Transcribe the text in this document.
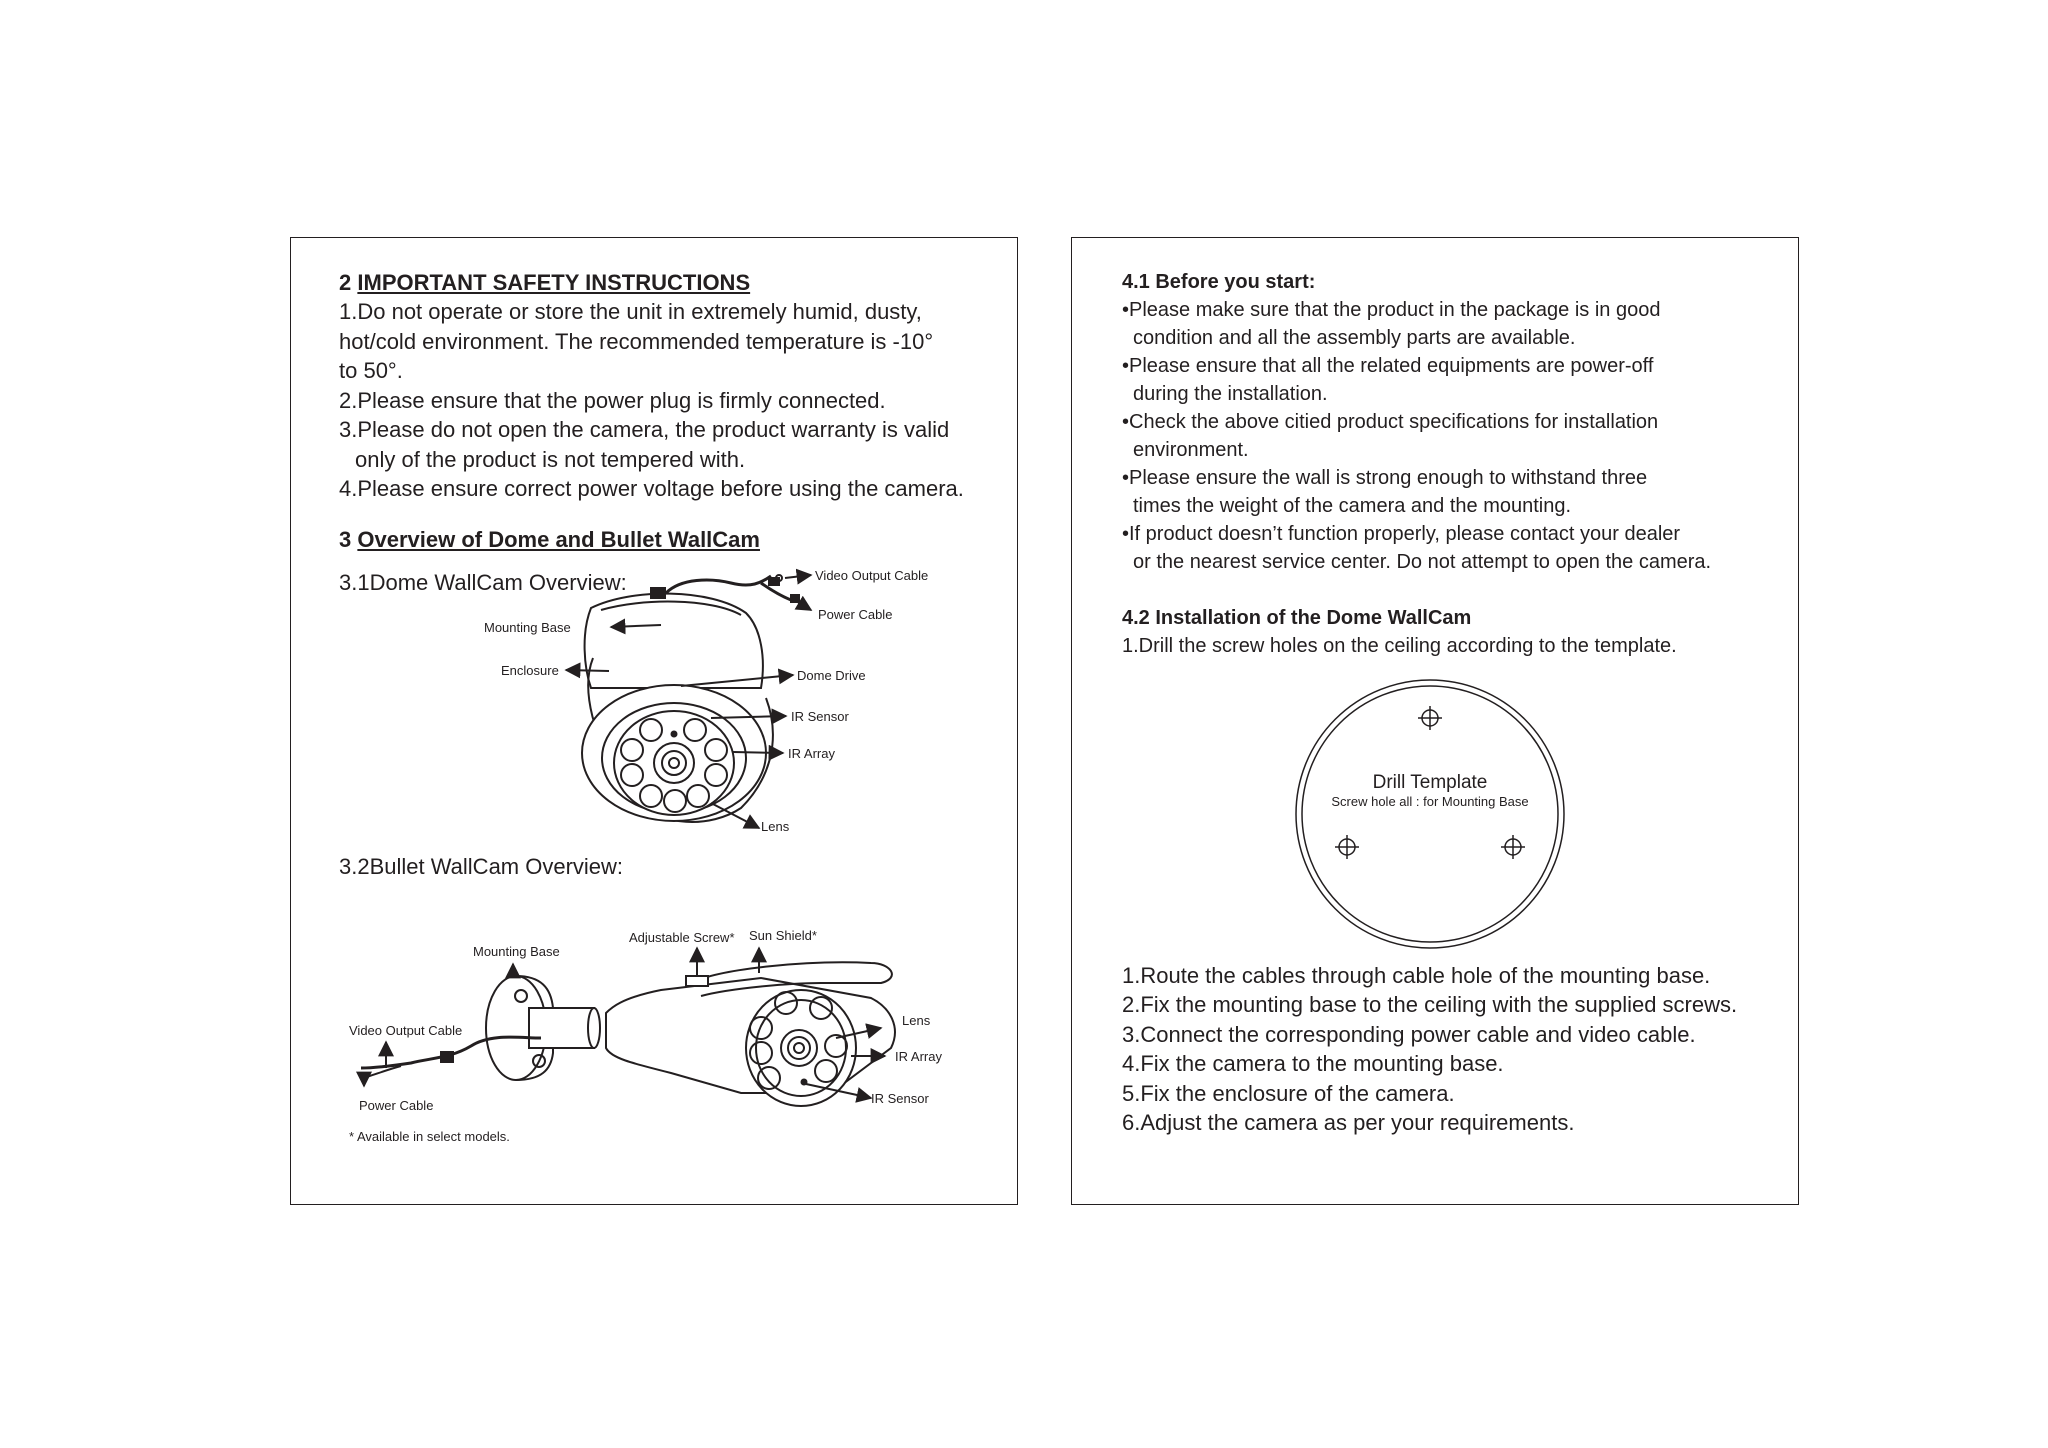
2 IMPORTANT SAFETY INSTRUCTIONS
1.Do not operate or store the unit in extremely humid, dusty,
hot/cold environment. The recommended temperature is -10°
to 50°.
2.Please ensure that the power plug is firmly connected.
3.Please do not open the camera, the product warranty is valid
only of the product is not tempered with.
4.Please ensure correct power voltage before using the camera.
3 Overview of Dome and Bullet WallCam
3.1Dome WallCam Overview:	Video Output Cable
Power Cable
Mounting Base
Enclosure	Dome Drive
IR Sensor
IR Array
Lens
3.2Bullet WallCam Overview:
Adjustable Screw* Sun Shield*
Mounting Base
Video Output Cable
Power Cable
Lens
IR Array
IR Sensor
* Available in select models.
4.1 Before you start:
•Please make sure that the product in the package is in good
condition and all the assembly parts are available.
•Please ensure that all the related equipments are power-off
during the installation.
•Check the above citied product specifications for installation
environment.
•Please ensure the wall is strong enough to withstand three
times the weight of the camera and the mounting.
•If product doesn’t function properly, please contact your dealer
or the nearest service center. Do not attempt to open the camera.
4.2 Installation of the Dome WallCam
1.Drill the screw holes on the ceiling according to the template.
Drill Template
Screw hole all : for Mounting Base
1.Route the cables through cable hole of the mounting base.
2.Fix the mounting base to the ceiling with the supplied screws.
3.Connect the corresponding power cable and video cable.
4.Fix the camera to the mounting base.
5.Fix the enclosure of the camera.
6.Adjust the camera as per your requirements.
